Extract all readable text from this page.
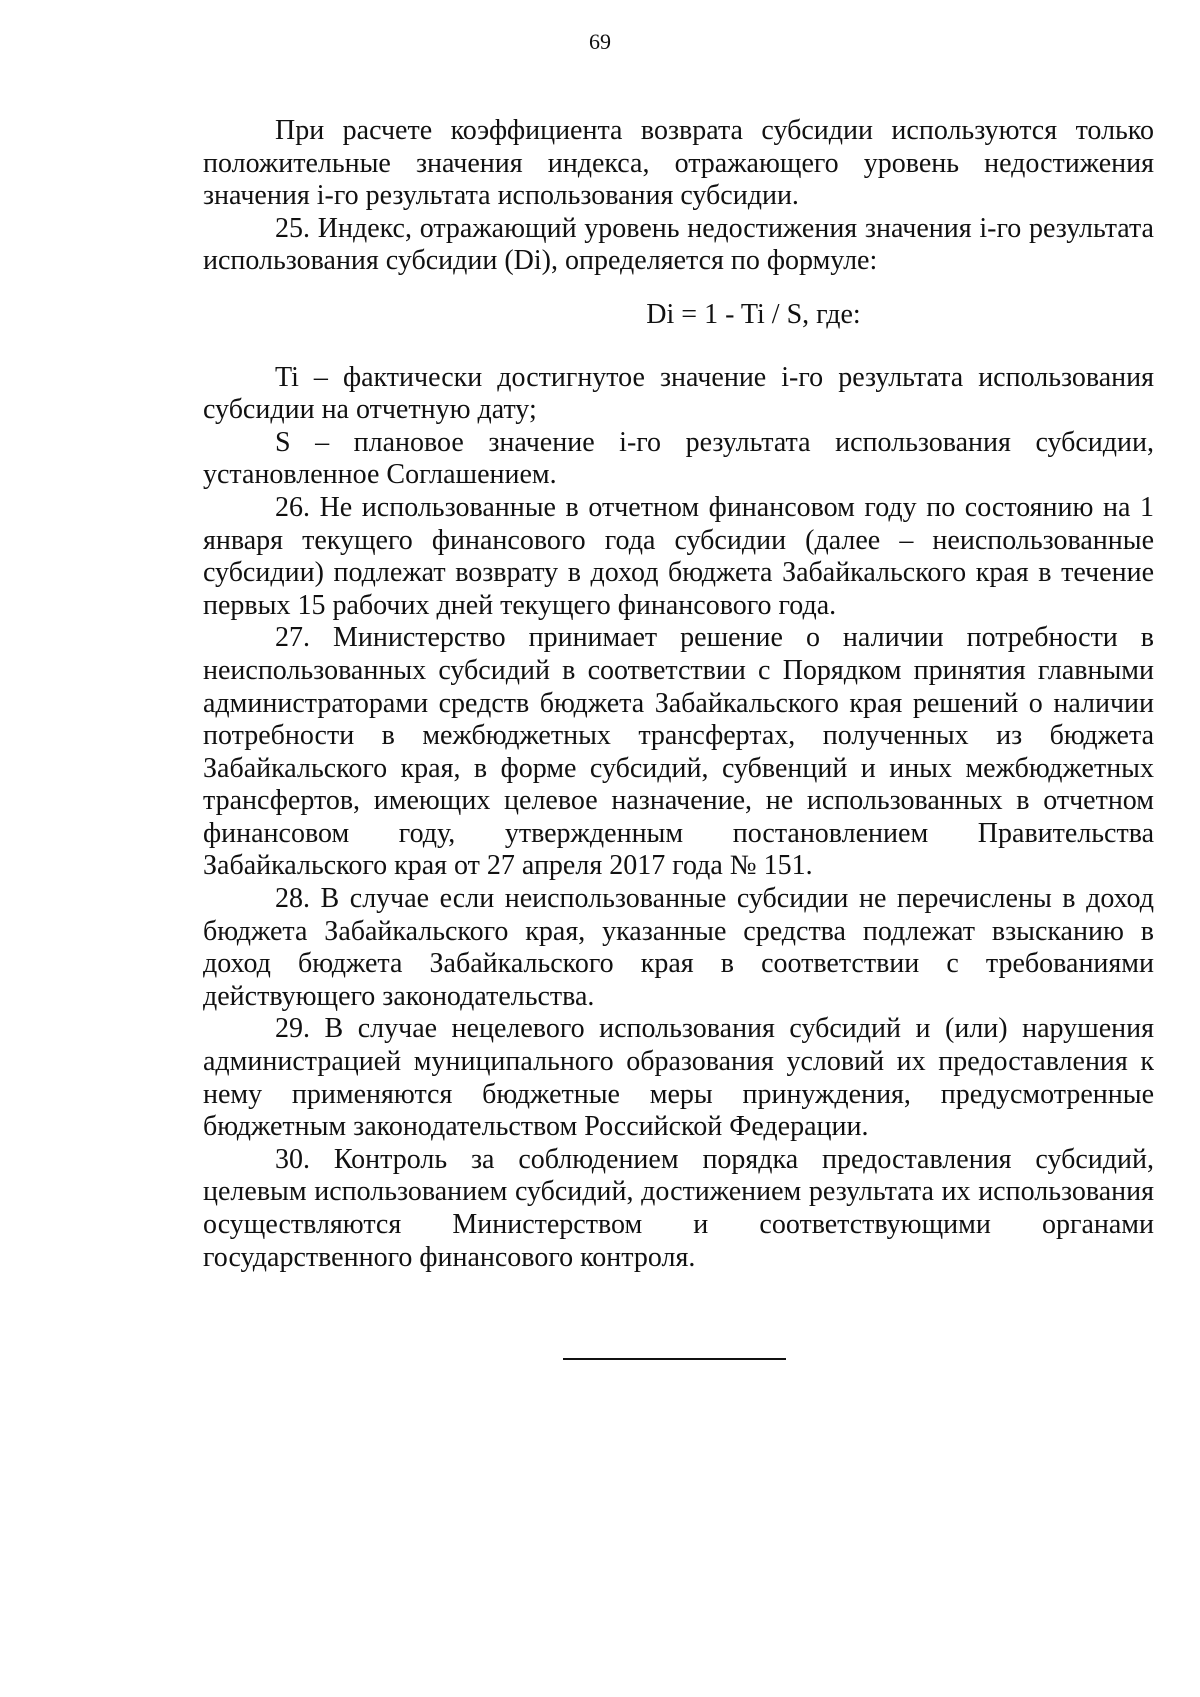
69

При расчете коэффициента возврата субсидии используются только положительные значения индекса, отражающего уровень недостижения значения i-го результата использования субсидии.

25. Индекс, отражающий уровень недостижения значения i-го результата использования субсидии (Di), определяется по формуле:

Di = 1 - Ti / S, где:

Ti – фактически достигнутое значение i-го результата использования субсидии на отчетную дату;

S – плановое значение i-го результата использования субсидии, установленное Соглашением.

26. Не использованные в отчетном финансовом году по состоянию на 1 января текущего финансового года субсидии (далее – неиспользованные субсидии) подлежат возврату в доход бюджета Забайкальского края в течение первых 15 рабочих дней текущего финансового года.

27. Министерство принимает решение о наличии потребности в неиспользованных субсидий в соответствии с Порядком принятия главными администраторами средств бюджета Забайкальского края решений о наличии потребности в межбюджетных трансфертах, полученных из бюджета Забайкальского края, в форме субсидий, субвенций и иных межбюджетных трансфертов, имеющих целевое назначение, не использованных в отчетном финансовом году, утвержденным постановлением Правительства Забайкальского края от 27 апреля 2017 года № 151.

28. В случае если неиспользованные субсидии не перечислены в доход бюджета Забайкальского края, указанные средства подлежат взысканию в доход бюджета Забайкальского края в соответствии с требованиями действующего законодательства.

29. В случае нецелевого использования субсидий и (или) нарушения администрацией муниципального образования условий их предоставления к нему применяются бюджетные меры принуждения, предусмотренные бюджетным законодательством Российской Федерации.

30. Контроль за соблюдением порядка предоставления субсидий, целевым использованием субсидий, достижением результата их использования осуществляются Министерством и соответствующими органами государственного финансового контроля.
